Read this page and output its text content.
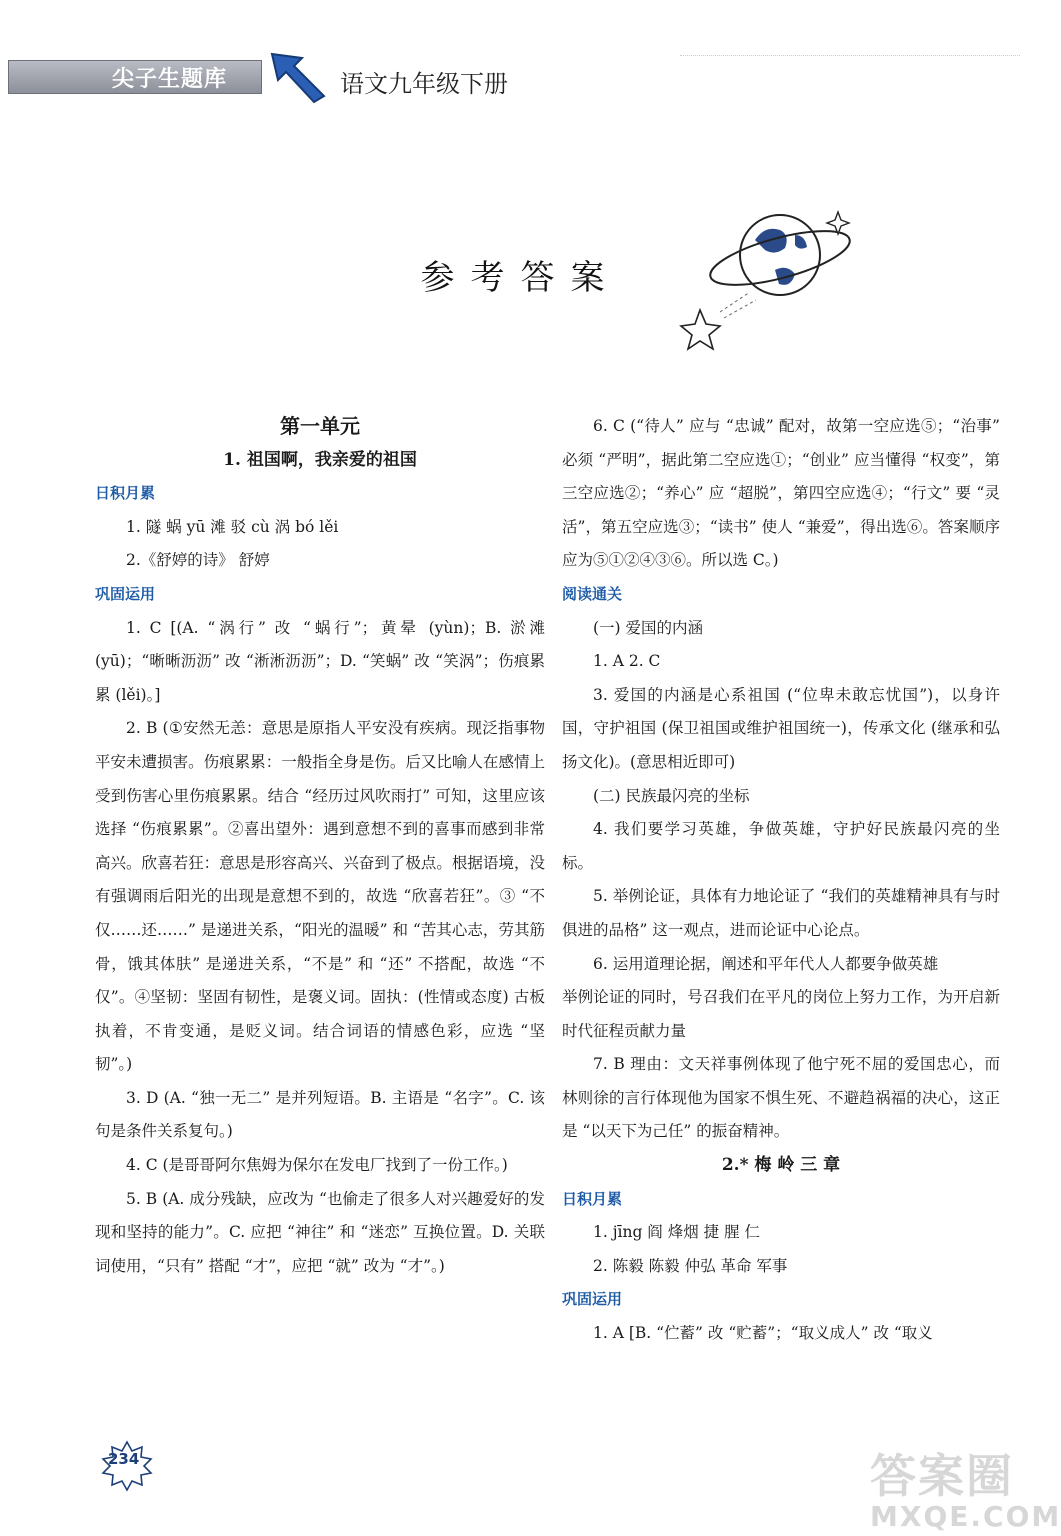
尖子生题库	语文九年级下册
参考答案

第一单元

1. 祖国啊，我亲爱的祖国

日积月累

1. 隧 蜗 yū 滩 驳 cù 涡 bó lěi

2.《舒婷的诗》 舒婷

巩固运用

1. C [(A. “涡行” 改 “蜗行”；黄晕 (yùn)；B. 淤滩 (yū)；“晰晰沥沥” 改 “淅淅沥沥”；D. “笑蜗” 改 “笑涡”；伤痕累累 (lěi)。]

2. B (①安然无恙：意思是原指人平安没有疾病。现泛指事物平安未遭损害。伤痕累累：一般指全身是伤。后又比喻人在感情上受到伤害心里伤痕累累。结合 “经历过风吹雨打” 可知，这里应该选择 “伤痕累累”。②喜出望外：遇到意想不到的喜事而感到非常高兴。欣喜若狂：意思是形容高兴、兴奋到了极点。根据语境，没有强调雨后阳光的出现是意想不到的，故选 “欣喜若狂”。③ “不仅……还……” 是递进关系，“阳光的温暖” 和 “苦其心志，劳其筋骨，饿其体肤” 是递进关系，“不是” 和 “还” 不搭配，故选 “不仅”。④坚韧：坚固有韧性，是褒义词。固执：(性情或态度) 古板执着，不肯变通，是贬义词。结合词语的情感色彩，应选 “坚韧”。)

3. D (A. “独一无二” 是并列短语。B. 主语是 “名字”。C. 该句是条件关系复句。)

4. C (是哥哥阿尔焦姆为保尔在发电厂找到了一份工作。)

5. B (A. 成分残缺，应改为 “也偷走了很多人对兴趣爱好的发现和坚持的能力”。C. 应把 “神往” 和 “迷恋” 互换位置。D. 关联词使用，“只有” 搭配 “才”，应把 “就” 改为 “才”。)

6. C (“待人” 应与 “忠诚” 配对，故第一空应选⑤；“治事” 必须 “严明”，据此第二空应选①；“创业” 应当懂得 “权变”，第三空应选②；“养心” 应 “超脱”，第四空应选④；“行文” 要 “灵活”，第五空应选③；“读书” 使人 “兼爱”，得出选⑥。答案顺序应为⑤①②④③⑥。所以选 C。)

阅读通关

(一) 爱国的内涵

1. A 2. C

3. 爱国的内涵是心系祖国 (“位卑未敢忘忧国”)，以身许国，守护祖国 (保卫祖国或维护祖国统一)，传承文化 (继承和弘扬文化)。(意思相近即可)

(二) 民族最闪亮的坐标

4. 我们要学习英雄，争做英雄，守护好民族最闪亮的坐标。

5. 举例论证，具体有力地论证了 “我们的英雄精神具有与时俱进的品格” 这一观点，进而论证中心论点。

6. 运用道理论据，阐述和平年代人人都要争做英雄

举例论证的同时，号召我们在平凡的岗位上努力工作，为开启新时代征程贡献力量

7. B 理由：文天祥事例体现了他宁死不屈的爱国忠心，而林则徐的言行体现他为国家不惧生死、不避趋祸福的决心，这正是 “以天下为己任” 的振奋精神。

2.* 梅 岭 三 章

日积月累

1. jīng 阎 烽烟 捷 腥 仁

2. 陈毅 陈毅 仲弘 革命 军事

巩固运用

1. A [B. “伫蓄” 改 “贮蓄”；“取义成人” 改 “取义

234	答案圈
MXQE.COM
